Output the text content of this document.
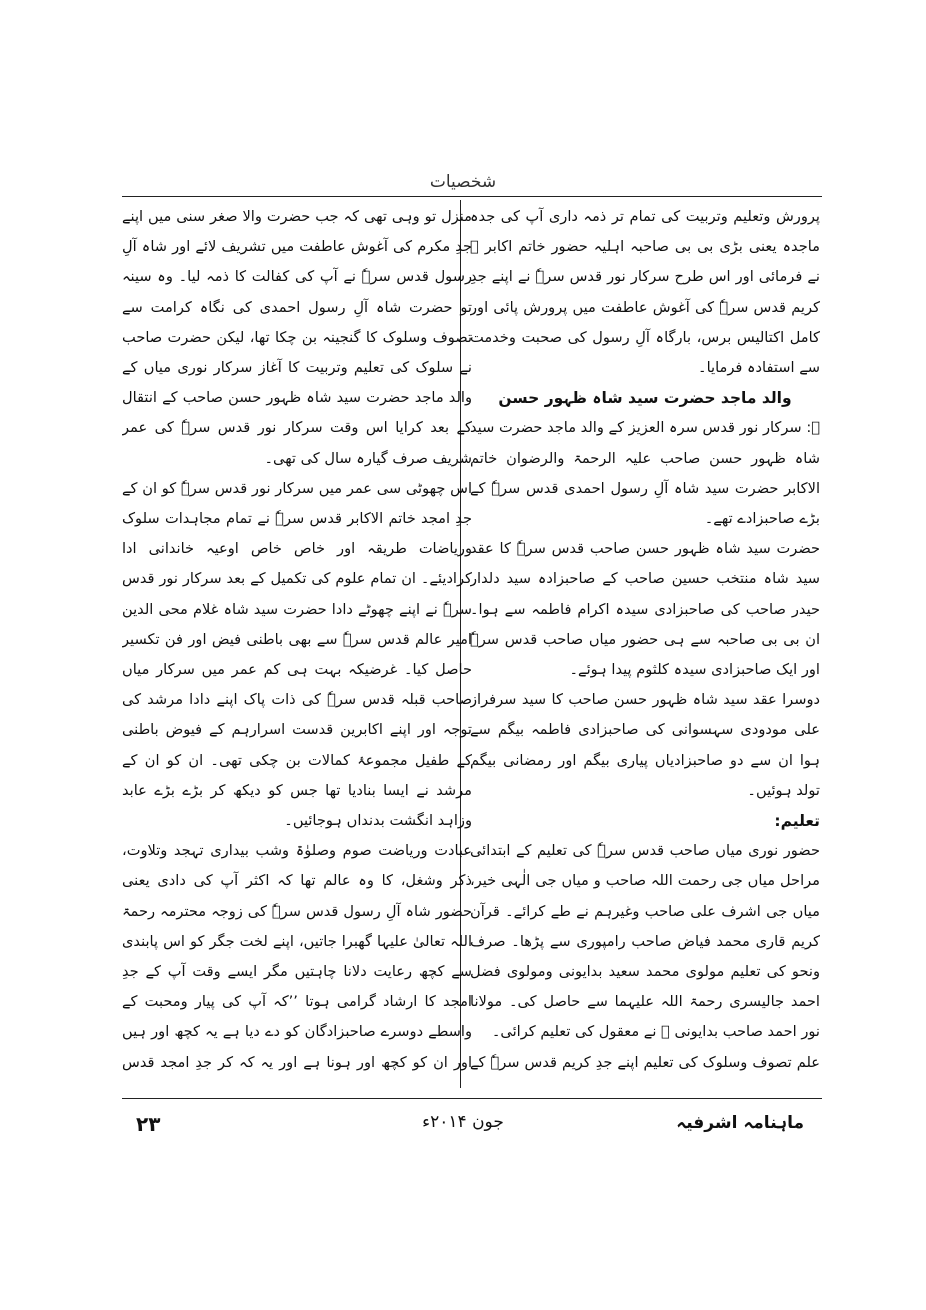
شخصیات

پرورش وتعلیم وتربیت کی تمام تر ذمہ داری آپ کی جدہ ماجدہ یعنی بڑی بی بی صاحبہ اہلیہ حضور خاتم اکابر ﷫ نے فرمائی اور اس طرح سرکار نور قدس سرہٗ نے اپنے جدِ کریم قدس سرہٗ کی آغوش عاطفت میں پرورش پائی اور کامل اکتالیس برس، بارگاہ آلِ رسول کی صحبت وخدمت سے استفادہ فرمایا۔

والد ماجد حضرت سید شاہ ظہور حسن

﷫: سرکار نور قدس سرہ العزیز کے والد ماجد حضرت سید شاہ ظہور حسن صاحب علیہ الرحمۃ والرضوان خاتم الاکابر حضرت سید شاہ آلِ رسول احمدی قدس سرہٗ کے بڑے صاحبزادے تھے۔

حضرت سید شاہ ظہور حسن صاحب قدس سرہٗ کا عقد سید شاہ منتخب حسین صاحب کے صاحبزادہ سید دلدار حیدر صاحب کی صاحبزادی سیدہ اکرام فاطمہ سے ہوا۔ ان بی بی صاحبہ سے ہی حضور میاں صاحب قدس سرہٗ اور ایک صاحبزادی سیدہ کلثوم پیدا ہوئے۔

دوسرا عقد سید شاہ ظہور حسن صاحب کا سید سرفراز علی مودودی سہسوانی کی صاحبزادی فاطمہ بیگم سے ہوا ان سے دو صاحبزادیاں پیاری بیگم اور رمضانی بیگم تولد ہوئیں۔

تعلیم:

حضور نوری میاں صاحب قدس سرہٗ کی تعلیم کے ابتدائی مراحل میاں جی رحمت اللہ صاحب و میاں جی الٰہی خیر، میاں جی اشرف علی صاحب وغیرہم نے طے کرائے۔ قرآن کریم قاری محمد فیاض صاحب رامپوری سے پڑھا۔ صرف ونحو کی تعلیم مولوی محمد سعید بدایونی ومولوی فضل احمد جالیسری رحمۃ اللہ علیہما سے حاصل کی۔ مولانا نور احمد صاحب بدایونی ﷫ نے معقول کی تعلیم کرائی۔

علم تصوف وسلوک کی تعلیم اپنے جدِ کریم قدس سرہٗ کے

منزل تو وہی تھی کہ جب حضرت والا صغر سنی میں اپنے جدِ مکرم کی آغوش عاطفت میں تشریف لائے اور شاہ آلِ رسول قدس سرہٗ نے آپ کی کفالت کا ذمہ لیا۔ وہ سینہ تو حضرت شاہ آلِ رسول احمدی کی نگاہ کرامت سے تصوف وسلوک کا گنجینہ بن چکا تھا، لیکن حضرت صاحب نے سلوک کی تعلیم وتربیت کا آغاز سرکار نوری میاں کے والد ماجد حضرت سید شاہ ظہور حسن صاحب کے انتقال کے بعد کرایا اس وقت سرکار نور قدس سرہٗ کی عمر شریف صرف گیارہ سال کی تھی۔

اس چھوٹی سی عمر میں سرکار نور قدس سرہٗ کو ان کے جدِ امجد خاتم الاکابر قدس سرہٗ نے تمام مجاہدات سلوک وریاضات طریقہ اور خاص خاص اوعیہ خاندانی ادا کرادیئے۔ ان تمام علوم کی تکمیل کے بعد سرکار نور قدس سرہٗ نے اپنے چھوٹے دادا حضرت سید شاہ غلام محی الدین امیر عالم قدس سرہٗ سے بھی باطنی فیض اور فن تکسیر حاصل کیا۔ غرضیکہ بہت ہی کم عمر میں سرکار میاں صاحب قبلہ قدس سرہٗ کی ذات پاک اپنے دادا مرشد کی توجہ اور اپنے اکابرین قدست اسرارہم کے فیوض باطنی کے طفیل مجموعۂ کمالات بن چکی تھی۔ ان کو ان کے مرشد نے ایسا بنادیا تھا جس کو دیکھ کر بڑے بڑے عابد وزاہد انگشت بدنداں ہوجائیں۔

عبادت وریاضت صوم وصلوٰۃ وشب بیداری تہجد وتلاوت، ذکر وشغل، کا وہ عالم تھا کہ اکثر آپ کی دادی یعنی حضور شاہ آلِ رسول قدس سرہٗ کی زوجہ محترمہ رحمۃ اللہ تعالیٰ علیہا گھبرا جاتیں، اپنے لخت جگر کو اس پابندی سے کچھ رعایت دلانا چاہتیں مگر ایسے وقت آپ کے جدِ امجد کا ارشاد گرامی ہوتا ’’کہ آپ کی پیار ومحبت کے واسطے دوسرے صاحبزادگان کو دے دیا ہے یہ کچھ اور ہیں اور ان کو کچھ اور ہونا ہے اور یہ کہ کر جدِ امجد قدس

ماہنامہ اشرفیہ
جون ۲۰۱۴ء
۲۳
